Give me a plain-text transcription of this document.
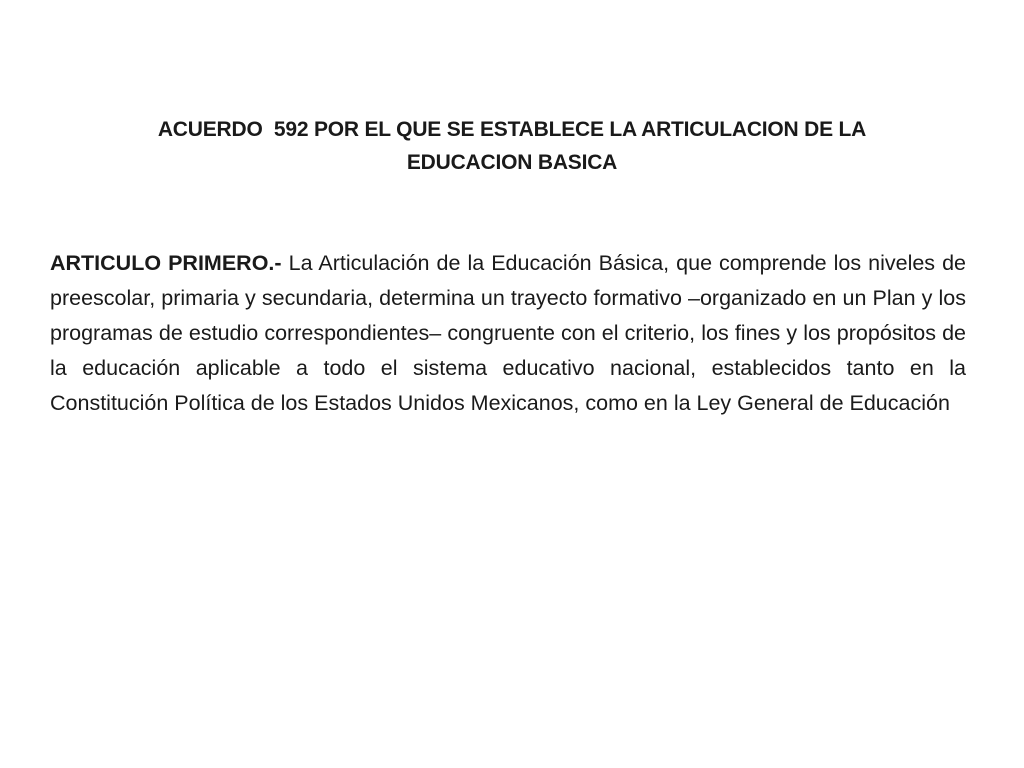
ACUERDO  592 POR EL QUE SE ESTABLECE LA ARTICULACION DE LA EDUCACION BASICA
ARTICULO PRIMERO.- La Articulación de la Educación Básica, que comprende los niveles de preescolar, primaria y secundaria, determina un trayecto formativo –organizado en un Plan y los programas de estudio correspondientes– congruente con el criterio, los fines y los propósitos de la educación aplicable a todo el sistema educativo nacional, establecidos tanto en la Constitución Política de los Estados Unidos Mexicanos, como en la Ley General de Educación
